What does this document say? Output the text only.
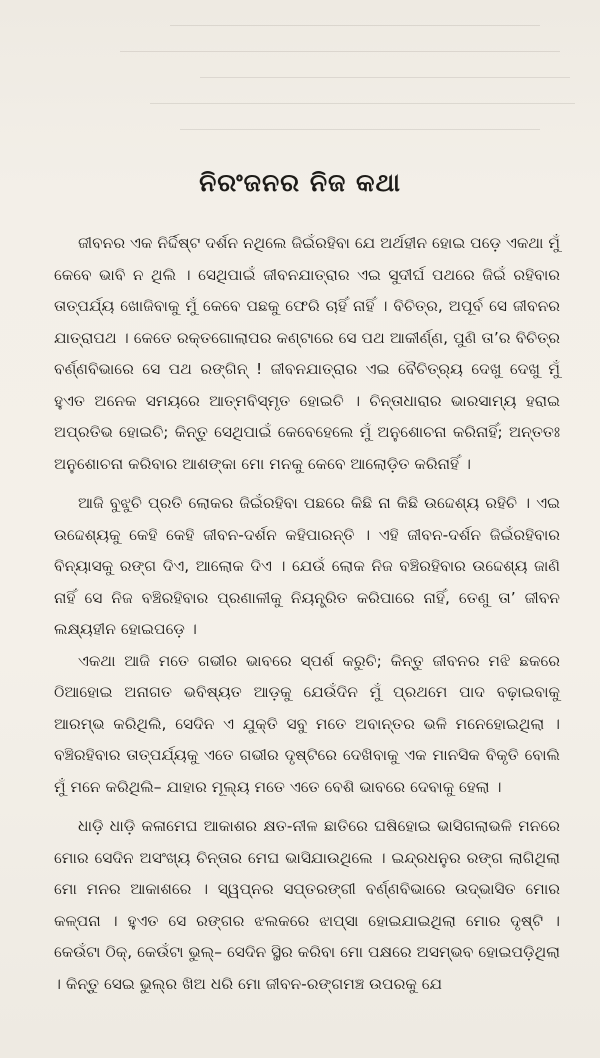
ନିରଂଜନର ନିଜ କଥା

ଜୀବନର ଏକ ନିର୍ଦ୍ଦିଷ୍ଟ ଦର୍ଶନ ନଥିଲେ ଜିଇଁରହିବା ଯେ ଅର୍ଥହୀନ ହୋଇ ପଡ଼େ ଏକଥା ମୁଁ କେବେ ଭାବି ନ ଥିଲି । ସେଥିପାଇଁ ଜୀବନଯାତ୍ରାର ଏଇ ସୁଦୀର୍ଘ ପଥରେ ଜିଇଁ ରହିବାର ତାତ୍ପର୍ଯ୍ୟ ଖୋଜିବାକୁ ମୁଁ କେବେ ପଛକୁ ଫେରି ଚାହିଁ ନାହିଁ । ବିଚିତ୍ର, ଅପୂର୍ବ ସେ ଜୀବନର ଯାତ୍ରାପଥ । କେତେ ରକ୍ତଗୋଲାପର କଣ୍ଟାରେ ସେ ପଥ ଆକୀର୍ଣ୍ଣ, ପୁଣି ତା’ର ବିଚିତ୍ର ବର୍ଣ୍ଣବିଭାରେ ସେ ପଥ ରଙ୍ଗିନ୍ ! ଜୀବନଯାତ୍ରାର ଏଇ ବୈଚିତ୍ର୍ୟ ଦେଖୁ ଦେଖୁ ମୁଁ ହୁଏତ ଅନେକ ସମୟରେ ଆତ୍ମବିସ୍ମୃତ ହୋଇଚି । ଚିନ୍ତାଧାରାର ଭାରସାମ୍ୟ ହରାଇ ଅପ୍ରତିଭ ହୋଇଚି; କିନ୍ତୁ ସେଥିପାଇଁ କେବେହେଲେ ମୁଁ ଅନୁଶୋଚନା କରିନାହିଁ; ଅନ୍ତତଃ ଅନୁଶୋଚନା କରିବାର ଆଶଙ୍କା ମୋ ମନକୁ କେବେ ଆଲୋଡ଼ିତ କରିନାହିଁ ।

ଆଜି ବୁଝୁଚି ପ୍ରତି ଲୋକର ଜିଇଁରହିବା ପଛରେ କିଛି ନା କିଛି ଉଦ୍ଦେଶ୍ୟ ରହିଚି । ଏଇ ଉଦ୍ଦେଶ୍ୟକୁ କେହି କେହି ଜୀବନ-ଦର୍ଶନ କହିପାରନ୍ତି । ଏହି ଜୀବନ-ଦର୍ଶନ ଜିଇଁରହିବାର ବିନ୍ୟାସକୁ ରଙ୍ଗ ଦିଏ, ଆଲୋକ ଦିଏ । ଯେଉଁ ଲୋକ ନିଜ ବଞ୍ଚିରହିବାର ଉଦ୍ଦେଶ୍ୟ ଜାଣି ନାହିଁ ସେ ନିଜ ବଞ୍ଚିରହିବାର ପ୍ରଣାଳୀକୁ ନିୟନ୍ତ୍ରିତ କରିପାରେ ନାହିଁ, ତେଣୁ ତା’ ଜୀବନ ଲକ୍ଷ୍ୟହୀନ ହୋଇପଡ଼େ ।

ଏକଥା ଆଜି ମତେ ଗଭୀର ଭାବରେ ସ୍ପର୍ଶ କରୁଚି; କିନ୍ତୁ ଜୀବନର ମଝି ଛକରେ ଠିଆହୋଇ ଅନାଗତ ଭବିଷ୍ୟତ ଆଡ଼କୁ ଯେଉଁଦିନ ମୁଁ ପ୍ରଥମେ ପାଦ ବଢ଼ାଇବାକୁ ଆରମ୍ଭ କରିଥିଲି, ସେଦିନ ଏ ଯୁକ୍ତି ସବୁ ମତେ ଅବାନ୍ତର ଭଳି ମନେହୋଇଥିଲା । ବଞ୍ଚିରହିବାର ତାତ୍ପର୍ଯ୍ୟକୁ ଏତେ ଗଭୀର ଦୃଷ୍ଟିରେ ଦେଖିବାକୁ ଏକ ମାନସିକ ବିକୃତି ବୋଲି ମୁଁ ମନେ କରିଥିଲି– ଯାହାର ମୂଲ୍ୟ ମତେ ଏତେ ବେଶି ଭାବରେ ଦେବାକୁ ହେଲା ।

ଧାଡ଼ି ଧାଡ଼ି କଳାମେଘ ଆକାଶର କ୍ଷତ-ନୀଳ ଛାତିରେ ଘଷିହୋଇ ଭାସିଗଲାଭଳି ମନରେ ମୋର ସେଦିନ ଅସଂଖ୍ୟ ଚିନ୍ତାର ମେଘ ଭାସିଯାଉଥିଲେ । ଇନ୍ଦ୍ରଧନୁର ରଙ୍ଗ ଲାଗିଥିଲା ମୋ ମନର ଆକାଶରେ । ସ୍ୱପ୍ନର ସପ୍ତରଙ୍ଗୀ ବର୍ଣ୍ଣବିଭାରେ ଉଦ୍ଭାସିତ ମୋର କଳ୍ପନା । ହୁଏତ ସେ ରଙ୍ଗର ଝଲକରେ ଝାପ୍ସା ହୋଇଯାଇଥିଲା ମୋର ଦୃଷ୍ଟି । କେଉଁଟା ଠିକ୍, କେଉଁଟା ଭୁଲ୍– ସେଦିନ ସ୍ଥିର କରିବା ମୋ ପକ୍ଷରେ ଅସମ୍ଭବ ହୋଇପଡ଼ିଥିଲା । କିନ୍ତୁ ସେଇ ଭୁଲ୍‌ର ଖିଅ ଧରି ମୋ ଜୀବନ-ରଙ୍ଗମଞ୍ଚ ଉପରକୁ ଯେ
